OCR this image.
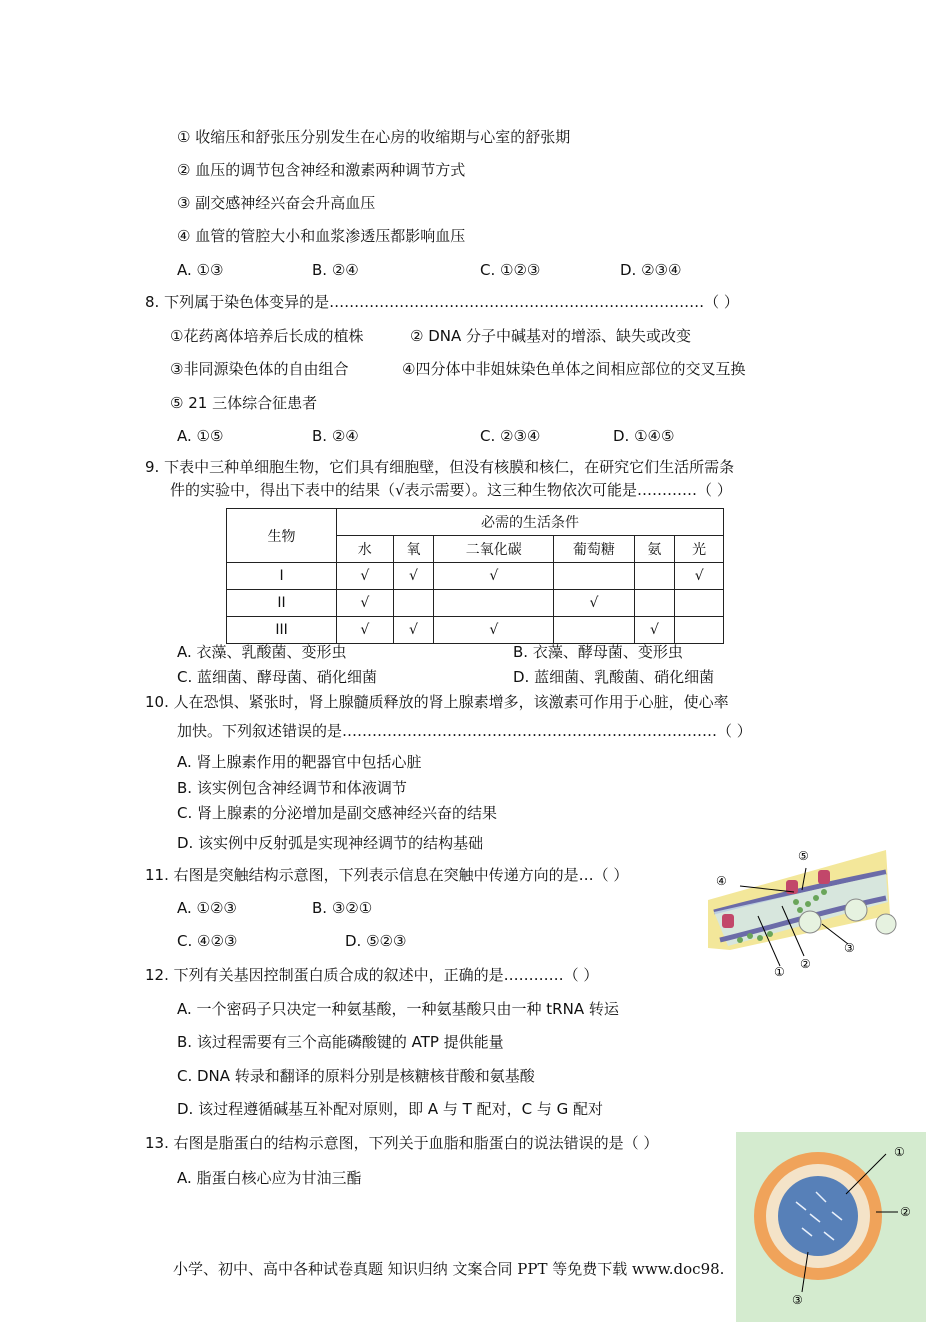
① 收缩压和舒张压分别发生在心房的收缩期与心室的舒张期
② 血压的调节包含神经和激素两种调节方式
③ 副交感神经兴奋会升高血压
④ 血管的管腔大小和血浆渗透压都影响血压
A. ①③	B. ②④	C. ①②③	D. ②③④
8. 下列属于染色体变异的是…………………………………………………………………（ ）
①花药离体培养后长成的植株	② DNA 分子中碱基对的增添、缺失或改变
③非同源染色体的自由组合	④四分体中非姐妹染色单体之间相应部位的交叉互换
⑤ 21 三体综合征患者
A. ①⑤	B. ②④	C. ②③④	D. ①④⑤
9. 下表中三种单细胞生物，它们具有细胞壁，但没有核膜和核仁，在研究它们生活所需条
件的实验中，得出下表中的结果（√表示需要）。这三种生物依次可能是…………（ ）
生物	必需的生活条件					
	水	氧	二氧化碳	葡萄糖	氨	光
I	√	√	√			√
II	√			√		
III	√	√	√		√	
A. 衣藻、乳酸菌、变形虫	B. 衣藻、酵母菌、变形虫
C. 蓝细菌、酵母菌、硝化细菌	D. 蓝细菌、乳酸菌、硝化细菌
10. 人在恐惧、紧张时，肾上腺髓质释放的肾上腺素增多，该激素可作用于心脏，使心率
加快。下列叙述错误的是…………………………………………………………………（ ）
A. 肾上腺素作用的靶器官中包括心脏
B. 该实例包含神经调节和体液调节
C. 肾上腺素的分泌增加是副交感神经兴奋的结果
D. 该实例中反射弧是实现神经调节的结构基础
11. 右图是突触结构示意图，下列表示信息在突触中传递方向的是…（ ）
A. ①②③	B. ③②①
C. ④②③	D. ⑤②③
④
⑤
①
②
③
12. 下列有关基因控制蛋白质合成的叙述中，正确的是…………（ ）
A. 一个密码子只决定一种氨基酸，一种氨基酸只由一种 tRNA 转运
B. 该过程需要有三个高能磷酸键的 ATP 提供能量
C. DNA 转录和翻译的原料分别是核糖核苷酸和氨基酸
D. 该过程遵循碱基互补配对原则，即 A 与 T 配对，C 与 G 配对
13. 右图是脂蛋白的结构示意图，下列关于血脂和脂蛋白的说法错误的是（ ）
A. 脂蛋白核心应为甘油三酯
①
②
③
小学、初中、高中各种试卷真题 知识归纳 文案合同 PPT 等免费下载 www.doc98.
